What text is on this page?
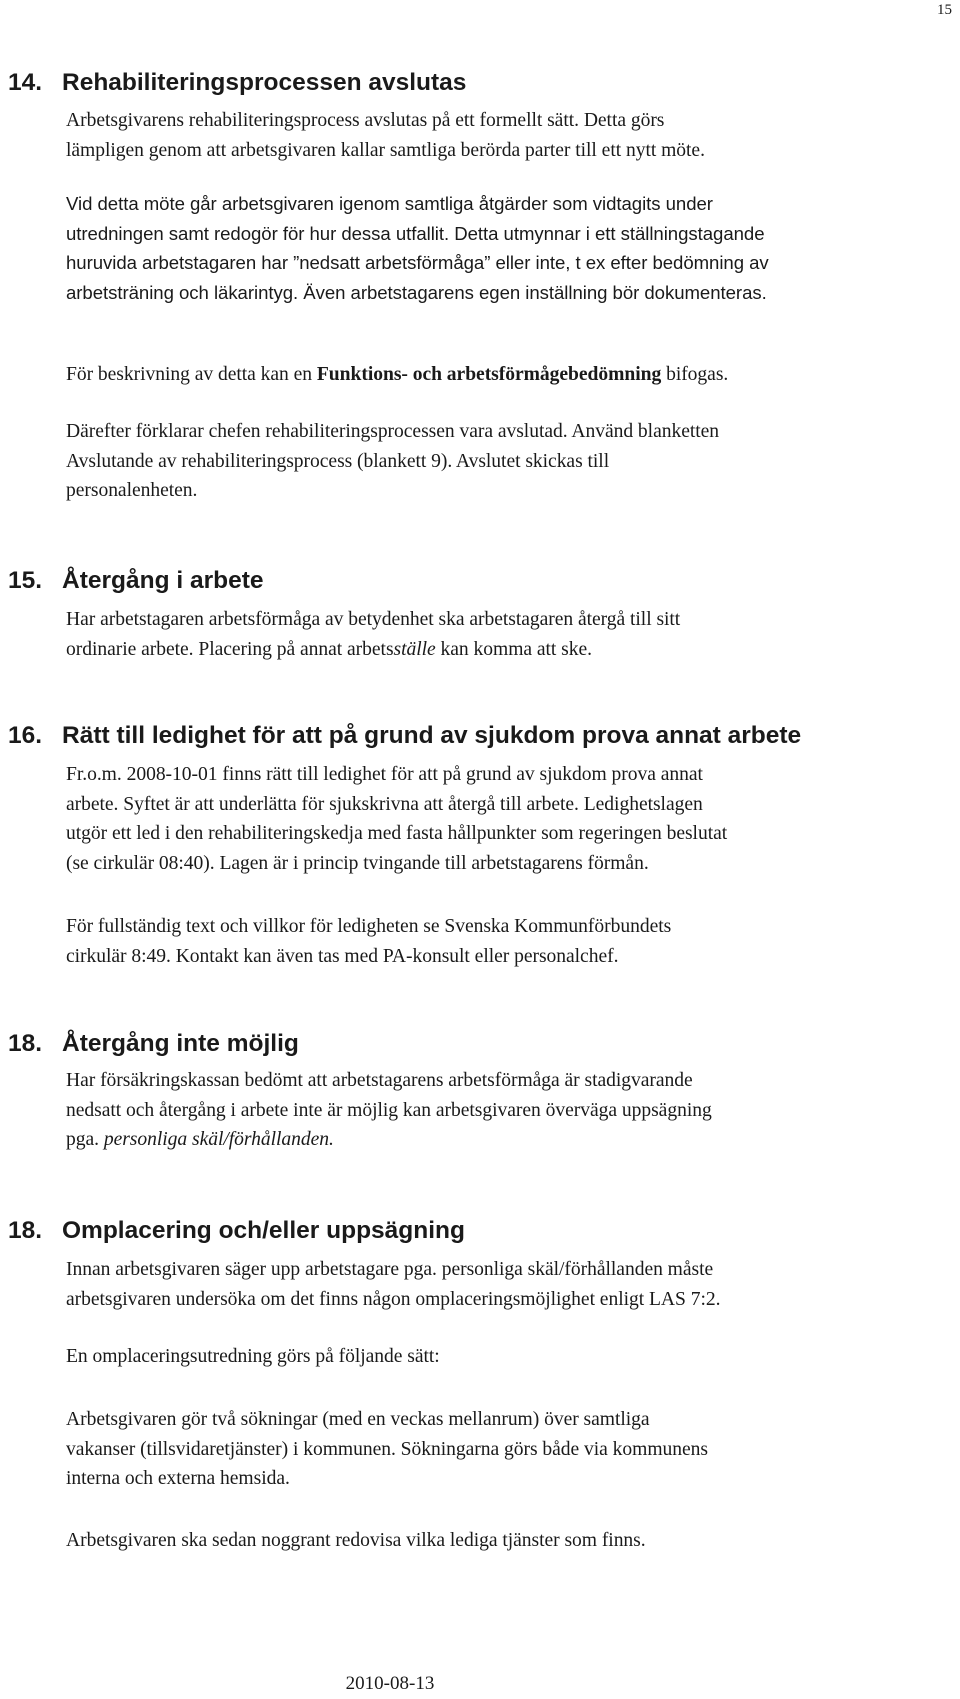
15
14. Rehabiliteringsprocessen avslutas

Arbetsgivarens rehabiliteringsprocess avslutas på ett formellt sätt. Detta görs
lämpligen genom att arbetsgivaren kallar samtliga berörda parter till ett nytt möte.

Vid detta möte går arbetsgivaren igenom samtliga åtgärder som vidtagits under
utredningen samt redogör för hur dessa utfallit. Detta utmynnar i ett ställningstagande
huruvida arbetstagaren har ”nedsatt arbetsförmåga” eller inte, t ex efter bedömning av
arbetsträning och läkarintyg. Även arbetstagarens egen inställning bör dokumenteras.

För beskrivning av detta kan en Funktions- och arbetsförmågebedömning bifogas.

Därefter förklarar chefen rehabiliteringsprocessen vara avslutad. Använd blanketten
Avslutande av rehabiliteringsprocess (blankett 9). Avslutet skickas till
personalenheten.

15. Återgång i arbete

Har arbetstagaren arbetsförmåga av betydenhet ska arbetstagaren återgå till sitt
ordinarie arbete. Placering på annat arbetsställe kan komma att ske.

16. Rätt till ledighet för att på grund av sjukdom prova annat arbete

Fr.o.m. 2008-10-01 finns rätt till ledighet för att på grund av sjukdom prova annat
arbete. Syftet är att underlätta för sjukskrivna att återgå till arbete. Ledighetslagen
utgör ett led i den rehabiliteringskedja med fasta hållpunkter som regeringen beslutat
(se cirkulär 08:40). Lagen är i princip tvingande till arbetstagarens förmån.

För fullständig text och villkor för ledigheten se Svenska Kommunförbundets
cirkulär 8:49. Kontakt kan även tas med PA-konsult eller personalchef.

18. Återgång inte möjlig

Har försäkringskassan bedömt att arbetstagarens arbetsförmåga är stadigvarande
nedsatt och återgång i arbete inte är möjlig kan arbetsgivaren överväga uppsägning
pga. personliga skäl/förhållanden.

18. Omplacering och/eller uppsägning

Innan arbetsgivaren säger upp arbetstagare pga. personliga skäl/förhållanden måste
arbetsgivaren undersöka om det finns någon omplaceringsmöjlighet enligt LAS 7:2.

En omplaceringsutredning görs på följande sätt:

Arbetsgivaren gör två sökningar (med en veckas mellanrum) över samtliga
vakanser (tillsvidaretjänster) i kommunen. Sökningarna görs både via kommunens
interna och externa hemsida.

Arbetsgivaren ska sedan noggrant redovisa vilka lediga tjänster som finns.

2010-08-13
